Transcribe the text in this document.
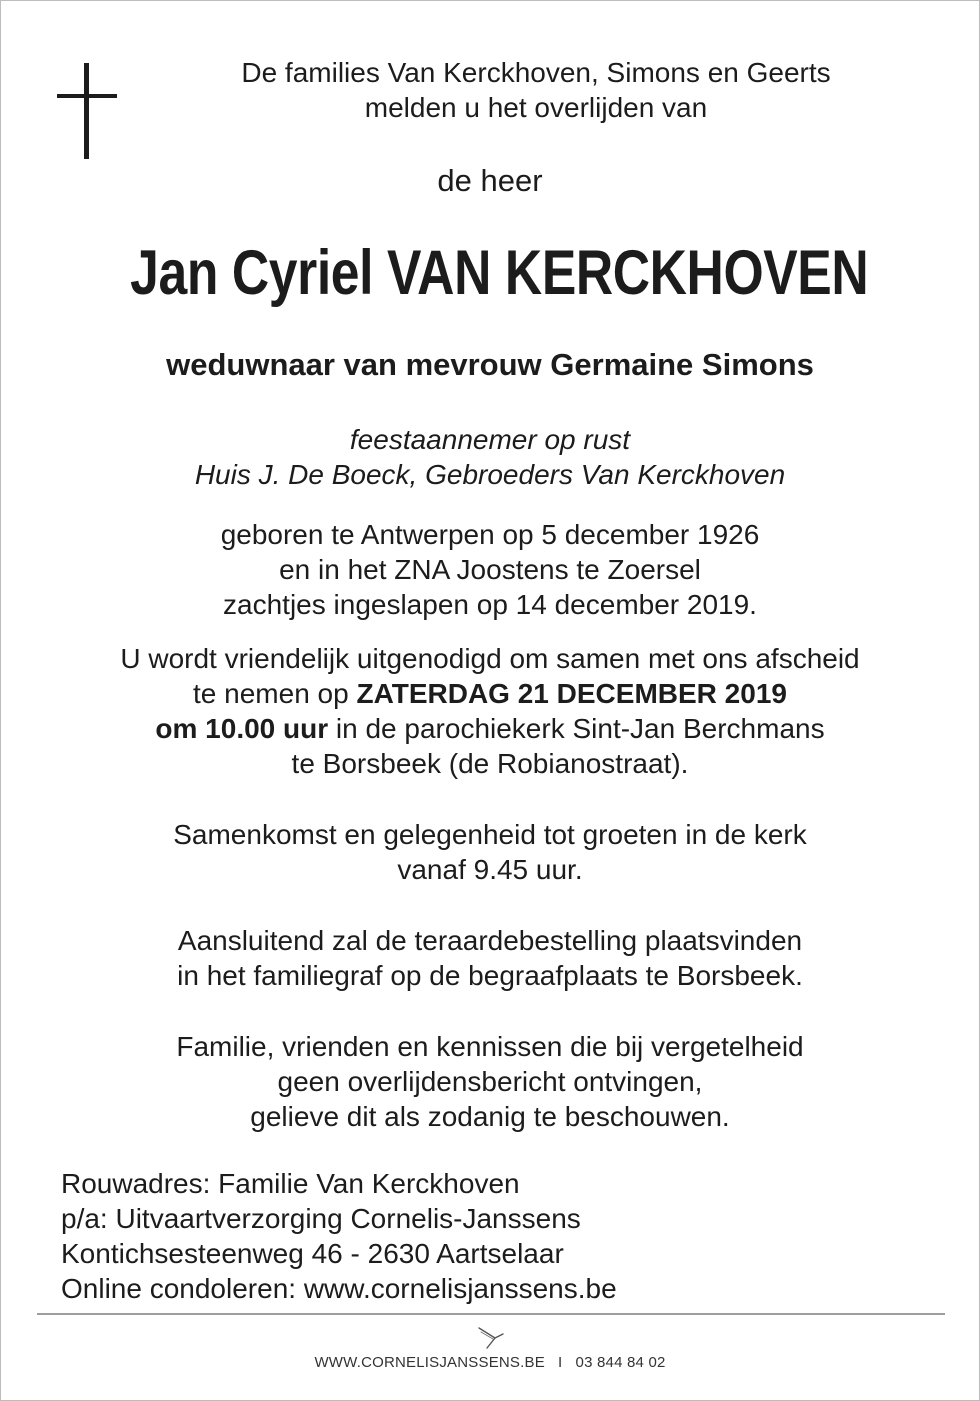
De families Van Kerckhoven, Simons en Geerts
melden u het overlijden van
de heer
Jan Cyriel VAN KERCKHOVEN
weduwnaar van mevrouw Germaine Simons
feestaannemer op rust
Huis J. De Boeck, Gebroeders Van Kerckhoven
geboren te Antwerpen op 5 december 1926
en in het ZNA Joostens te Zoersel
zachtjes ingeslapen op 14 december 2019.
U wordt vriendelijk uitgenodigd om samen met ons afscheid
te nemen op ZATERDAG 21 DECEMBER 2019
om 10.00 uur in de parochiekerk Sint-Jan Berchmans
te Borsbeek (de Robianostraat).
Samenkomst en gelegenheid tot groeten in de kerk
vanaf 9.45 uur.
Aansluitend zal de teraardebestelling plaatsvinden
in het familiegraf op de begraafplaats te Borsbeek.
Familie, vrienden en kennissen die bij vergetelheid
geen overlijdensbericht ontvingen,
gelieve dit als zodanig te beschouwen.
Rouwadres: Familie Van Kerckhoven
p/a: Uitvaartverzorging Cornelis-Janssens
Kontichsesteenweg 46 - 2630 Aartselaar
Online condoleren: www.cornelisjanssens.be
WWW.CORNELISJANSSENS.BE I 03 844 84 02
